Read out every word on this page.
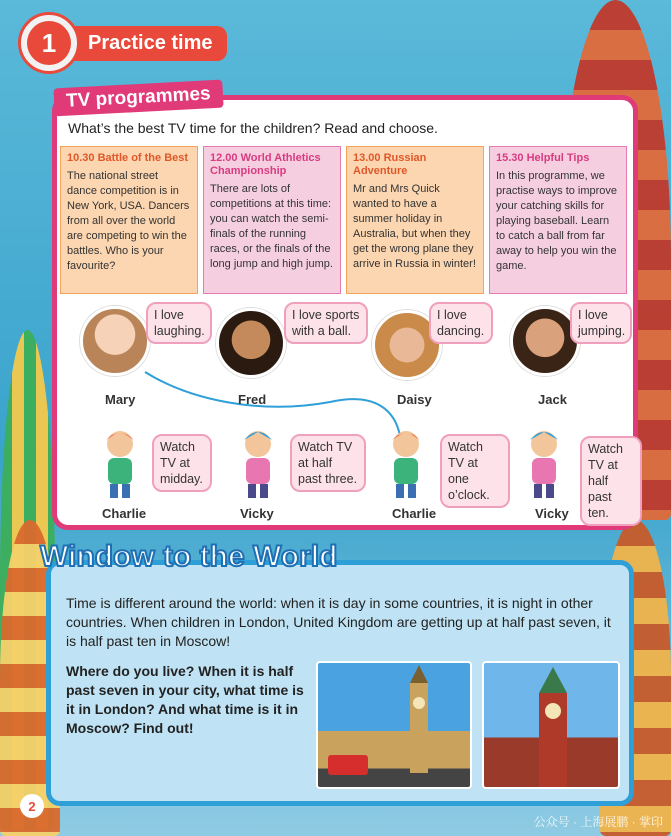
1	Practice time
TV programmes
What’s the best TV time for the children? Read and choose.
10.30 Battle of the Best
The national street dance competition is in New York, USA. Dancers from all over the world are competing to win the battles. Who is your favourite?
12.00 World Athletics Championship
There are lots of competitions at this time: you can watch the semi-finals of the running races, or the finals of the long jump and high jump.
13.00 Russian Adventure
Mr and Mrs Quick wanted to have a summer holiday in Australia, but when they get the wrong plane they arrive in Russia in winter!
15.30 Helpful Tips
In this programme, we practise ways to improve your catching skills for playing baseball. Learn to catch a ball from far away to help you win the game.
Mary
I love laughing.
Fred
I love sports with a ball.
Daisy
I love dancing.
Jack
I love jumping.
Charlie
Watch TV at midday.
Vicky
Watch TV at half past three.
Charlie
Watch TV at one o’clock.
Vicky
Watch TV at half past ten.
Window to the World
Time is different around the world: when it is day in some countries, it is night in other countries. When children in London, United Kingdom are getting up at half past seven, it is half past ten in Moscow!
Where do you live? When it is half past seven in your city, what time is it in London? And what time is it in Moscow? Find out!
2
公众号 · 上海展鹏 · 掌印
